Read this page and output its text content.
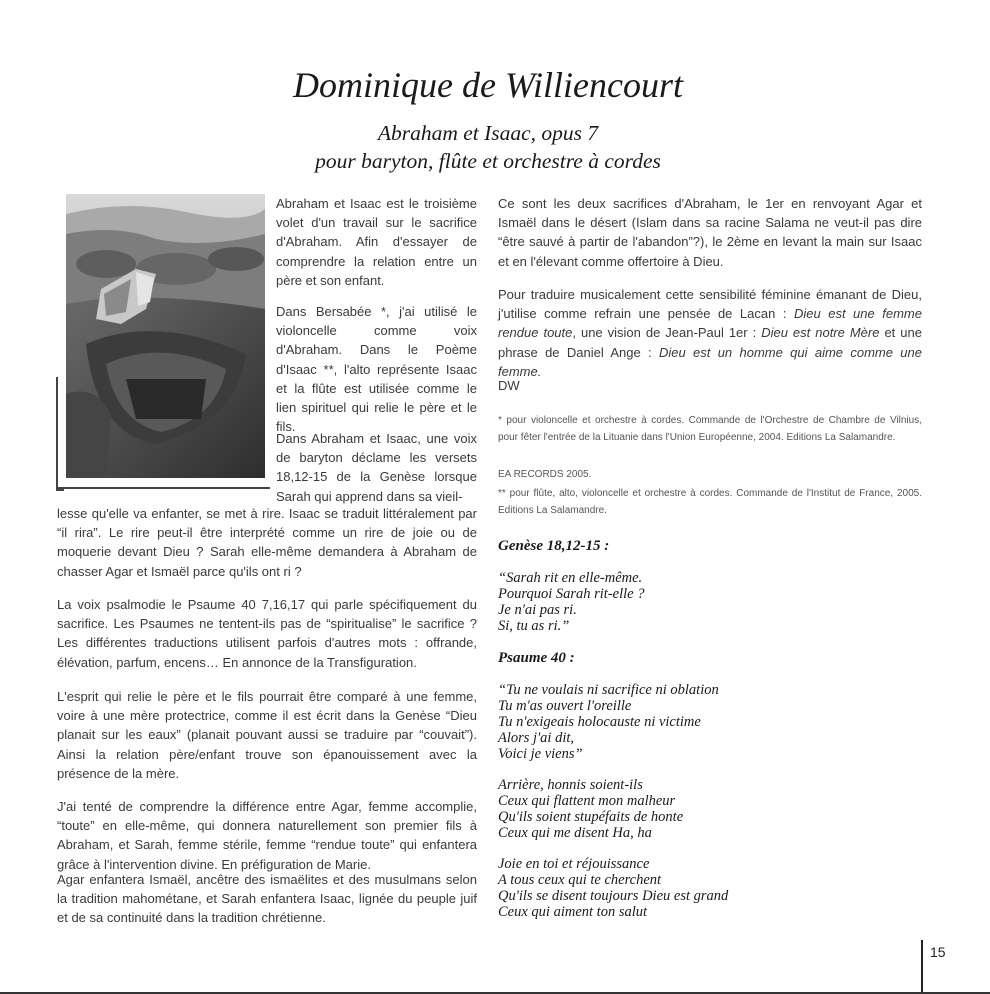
Dominique de Williencourt
Abraham et Isaac, opus 7
pour baryton, flûte et orchestre à cordes
Abraham et Isaac est le troisième volet d'un travail sur le sacrifice d'Abraham. Afin d'essayer de comprendre la relation entre un père et son enfant.
Dans Bersabée *, j'ai utilisé le violoncelle comme voix d'Abraham. Dans le Poème d'Isaac **, l'alto représente Isaac et la flûte est utilisée comme le lien spirituel qui relie le père et le fils.
Dans Abraham et Isaac, une voix de baryton déclame les versets 18,12-15 de la Genèse lorsque Sarah qui apprend dans sa vieil-
lesse qu'elle va enfanter, se met à rire. Isaac se traduit littéralement par “il rira”. Le rire peut-il être interprété comme un rire de joie ou de moquerie devant Dieu ? Sarah elle-même demandera à Abraham de chasser Agar et Ismaël parce qu'ils ont ri ?
La voix psalmodie le Psaume 40 7,16,17 qui parle spécifiquement du sacrifice. Les Psaumes ne tentent-ils pas de “spiritualise” le sacrifice ? Les différentes traductions utilisent parfois d'autres mots : offrande, élévation, parfum, encens… En annonce de la Transfiguration.
L'esprit qui relie le père et le fils pourrait être comparé à une femme, voire à une mère protectrice, comme il est écrit dans la Genèse “Dieu planait sur les eaux” (planait pouvant aussi se traduire par “couvait”). Ainsi la relation père/enfant trouve son épanouissement avec la présence de la mère.
J'ai tenté de comprendre la différence entre Agar, femme accomplie, “toute” en elle-même, qui donnera naturellement son premier fils à Abraham, et Sarah, femme stérile, femme “rendue toute” qui enfantera grâce à l'intervention divine. En préfiguration de Marie.
Agar enfantera Ismaël, ancêtre des ismaëlites et des musulmans selon la tradition mahométane, et Sarah enfantera Isaac, lignée du peuple juif et de sa continuité dans la tradition chrétienne.
Ce sont les deux sacrifices d'Abraham, le 1er en renvoyant Agar et Ismaël dans le désert (Islam dans sa racine Salama ne veut-il pas dire “être sauvé à partir de l'abandon”?), le 2ème en levant la main sur Isaac et en l'élevant comme offertoire à Dieu.
Pour traduire musicalement cette sensibilité féminine émanant de Dieu, j'utilise comme refrain une pensée de Lacan : Dieu est une femme rendue toute, une vision de Jean-Paul 1er : Dieu est notre Mère et une phrase de Daniel Ange : Dieu est un homme qui aime comme une femme.
DW
* pour violoncelle et orchestre à cordes. Commande de l'Orchestre de Chambre de Vilnius, pour fêter l'entrée de la Lituanie dans l'Union Européenne, 2004. Editions La Salamandre.
EA RECORDS 2005.
** pour flûte, alto, violoncelle et orchestre à cordes. Commande de l'Institut de France, 2005. Editions La Salamandre.
Genèse 18,12-15 :
“Sarah rit en elle-même.
Pourquoi Sarah rit-elle ?
Je n'ai pas ri.
Si, tu as ri.”
Psaume 40 :
“Tu ne voulais ni sacrifice ni oblation
Tu m'as ouvert l'oreille
Tu n'exigeais holocauste ni victime
Alors j'ai dit,
Voici je viens”
Arrière, honnis soient-ils
Ceux qui flattent mon malheur
Qu'ils soient stupéfaits de honte
Ceux qui me disent Ha, ha
Joie en toi et réjouissance
A tous ceux qui te cherchent
Qu'ils se disent toujours Dieu est grand
Ceux qui aiment ton salut
15
